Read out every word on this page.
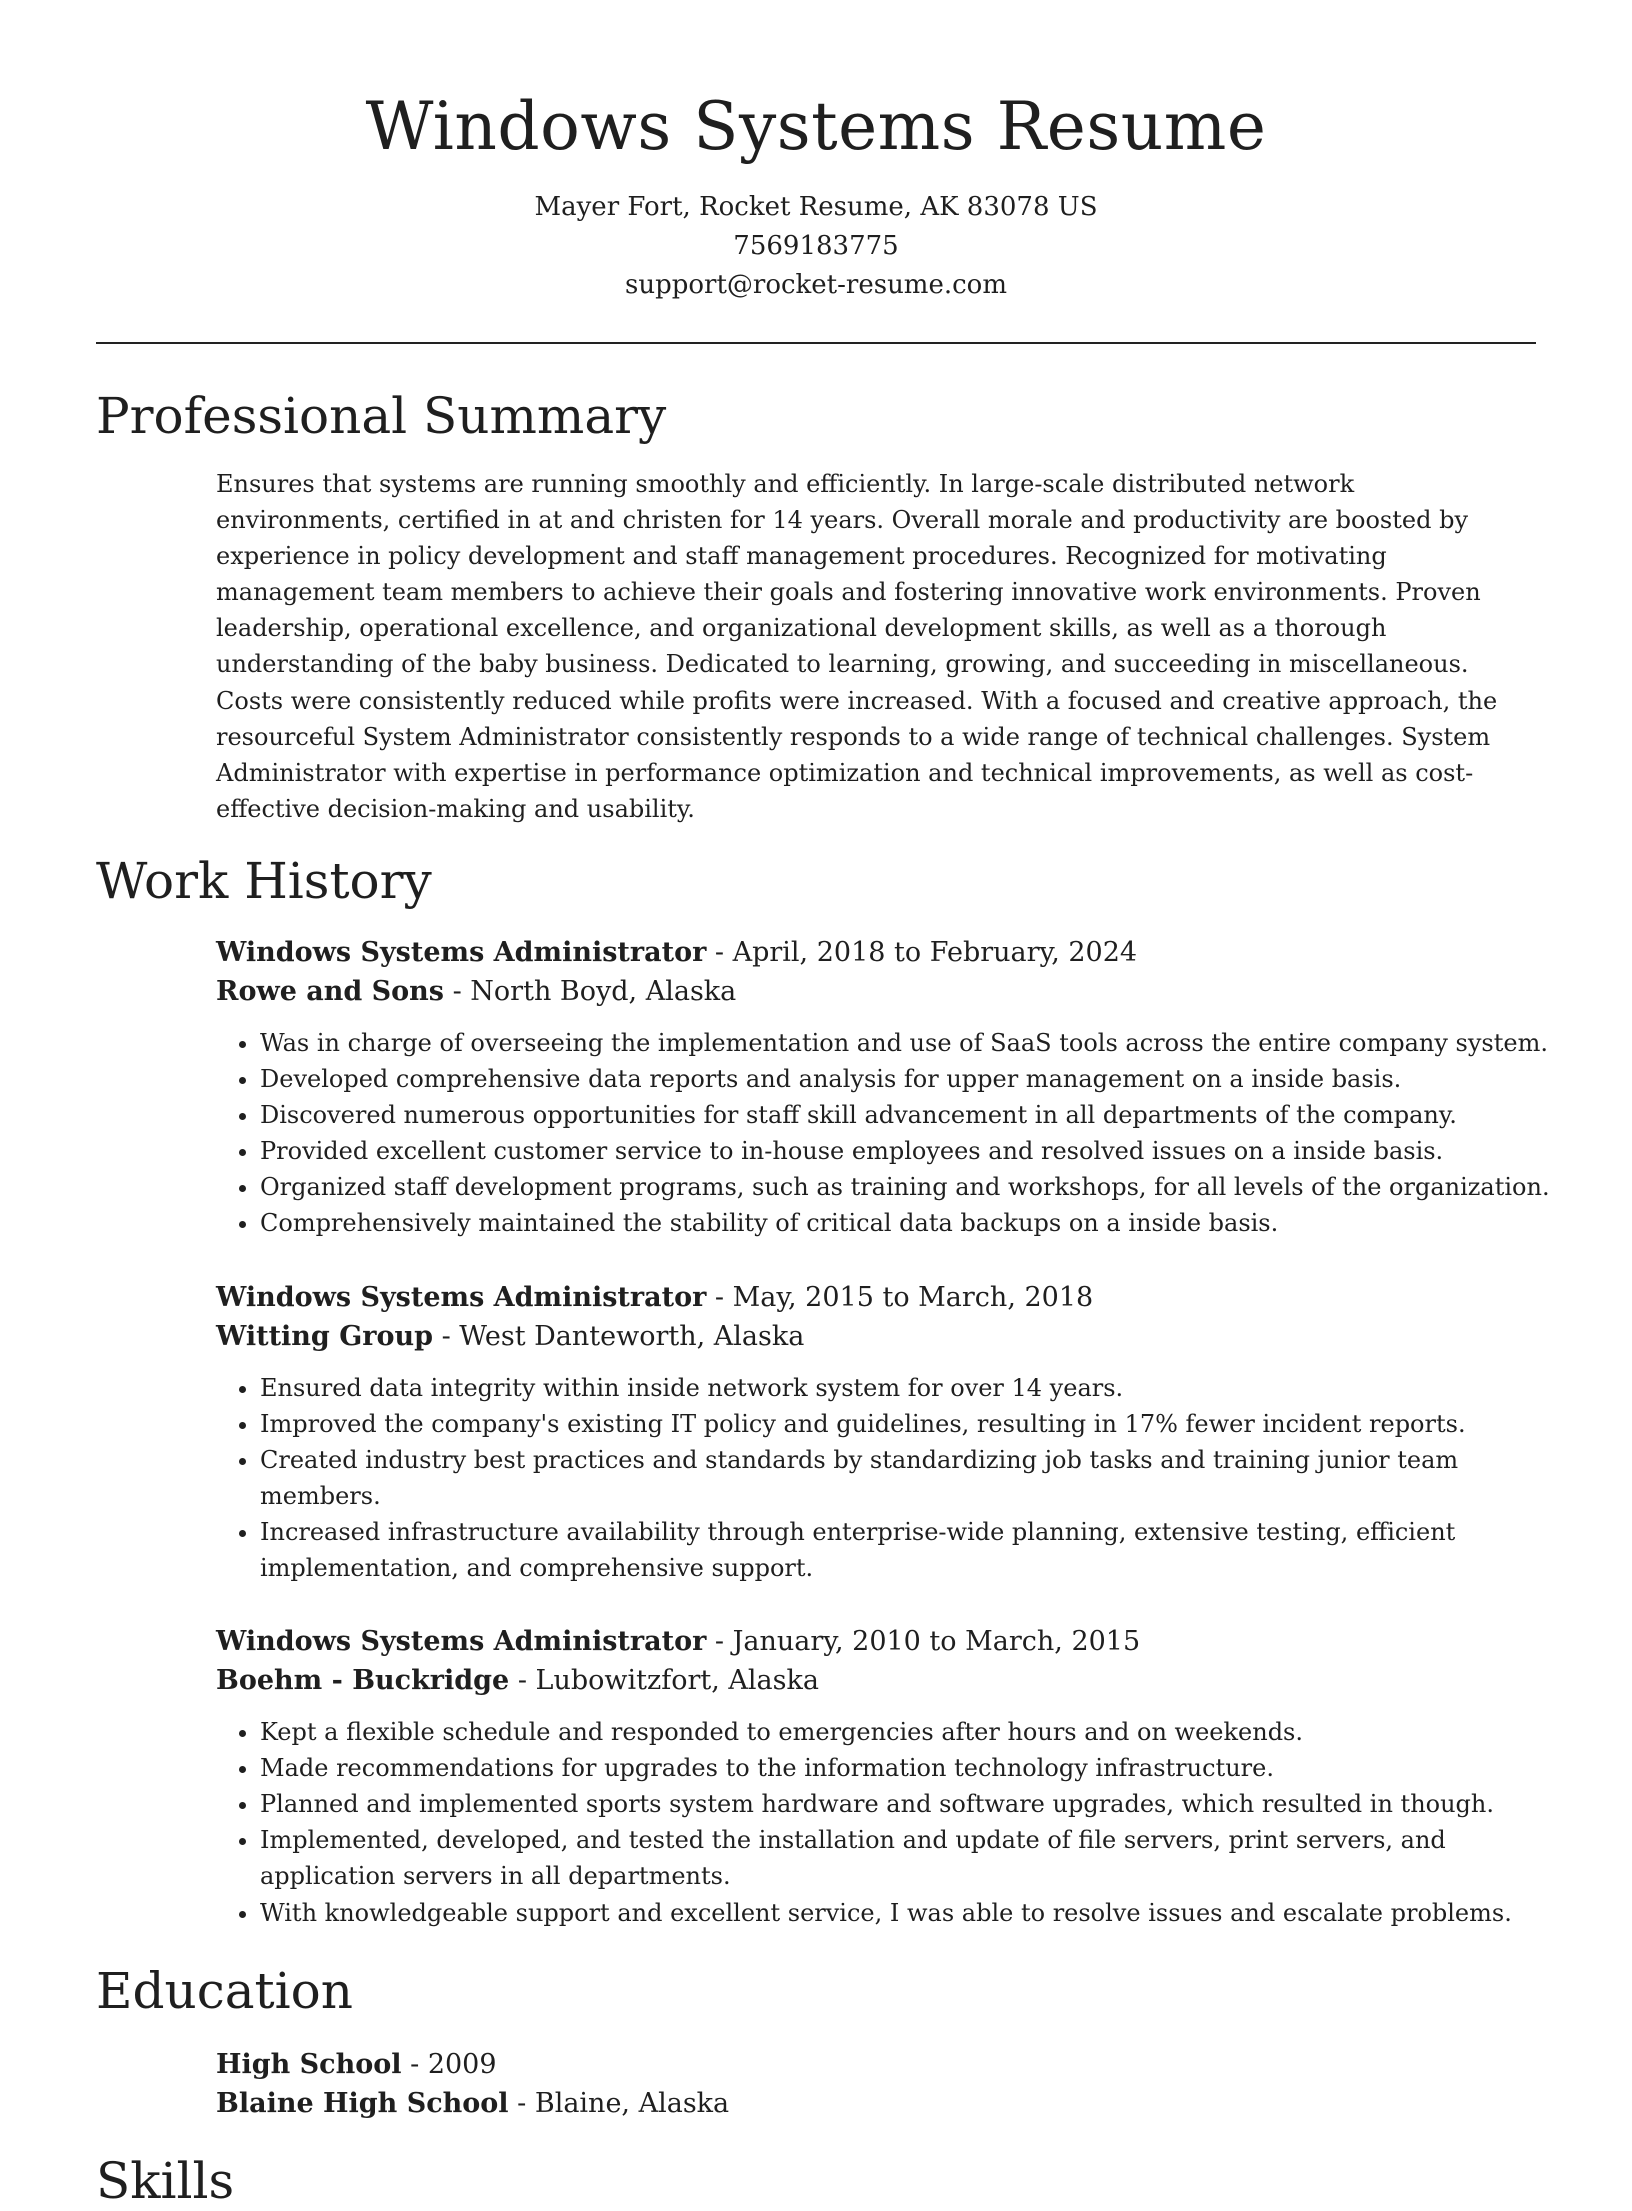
Windows Systems Resume
Mayer Fort, Rocket Resume, AK 83078 US
7569183775
support@rocket-resume.com
Professional Summary
Ensures that systems are running smoothly and efficiently. In large-scale distributed network environments, certified in at and christen for 14 years. Overall morale and productivity are boosted by experience in policy development and staff management procedures. Recognized for motivating management team members to achieve their goals and fostering innovative work environments. Proven leadership, operational excellence, and organizational development skills, as well as a thorough understanding of the baby business. Dedicated to learning, growing, and succeeding in miscellaneous. Costs were consistently reduced while profits were increased. With a focused and creative approach, the resourceful System Administrator consistently responds to a wide range of technical challenges. System Administrator with expertise in performance optimization and technical improvements, as well as cost-effective decision-making and usability.
Work History
Windows Systems Administrator - April, 2018 to February, 2024
Rowe and Sons - North Boyd, Alaska
• Was in charge of overseeing the implementation and use of SaaS tools across the entire company system.
• Developed comprehensive data reports and analysis for upper management on a inside basis.
• Discovered numerous opportunities for staff skill advancement in all departments of the company.
• Provided excellent customer service to in-house employees and resolved issues on a inside basis.
• Organized staff development programs, such as training and workshops, for all levels of the organization.
• Comprehensively maintained the stability of critical data backups on a inside basis.
Windows Systems Administrator - May, 2015 to March, 2018
Witting Group - West Danteworth, Alaska
• Ensured data integrity within inside network system for over 14 years.
• Improved the company's existing IT policy and guidelines, resulting in 17% fewer incident reports.
• Created industry best practices and standards by standardizing job tasks and training junior team members.
• Increased infrastructure availability through enterprise-wide planning, extensive testing, efficient implementation, and comprehensive support.
Windows Systems Administrator - January, 2010 to March, 2015
Boehm - Buckridge - Lubowitzfort, Alaska
• Kept a flexible schedule and responded to emergencies after hours and on weekends.
• Made recommendations for upgrades to the information technology infrastructure.
• Planned and implemented sports system hardware and software upgrades, which resulted in though.
• Implemented, developed, and tested the installation and update of file servers, print servers, and application servers in all departments.
• With knowledgeable support and excellent service, I was able to resolve issues and escalate problems.
Education
High School - 2009
Blaine High School - Blaine, Alaska
Skills
